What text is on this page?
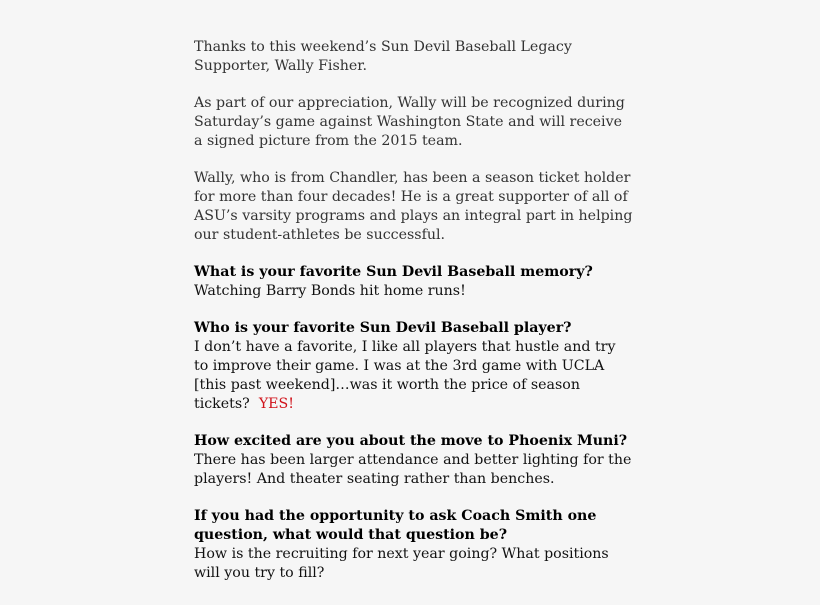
Thanks to this weekend’s Sun Devil Baseball Legacy Supporter, Wally Fisher.

As part of our appreciation, Wally will be recognized during Saturday’s game against Washington State and will receive a signed picture from the 2015 team.

Wally, who is from Chandler, has been a season ticket holder for more than four decades! He is a great supporter of all of ASU’s varsity programs and plays an integral part in helping our student-athletes be successful.

What is your favorite Sun Devil Baseball memory?
Watching Barry Bonds hit home runs!
Who is your favorite Sun Devil Baseball player?
I don’t have a favorite, I like all players that hustle and try to improve their game. I was at the 3rd game with UCLA [this past weekend]…was it worth the price of season tickets? YES!
How excited are you about the move to Phoenix Muni?
There has been larger attendance and better lighting for the players! And theater seating rather than benches.
If you had the opportunity to ask Coach Smith one question, what would that question be?
How is the recruiting for next year going? What positions will you try to fill?
